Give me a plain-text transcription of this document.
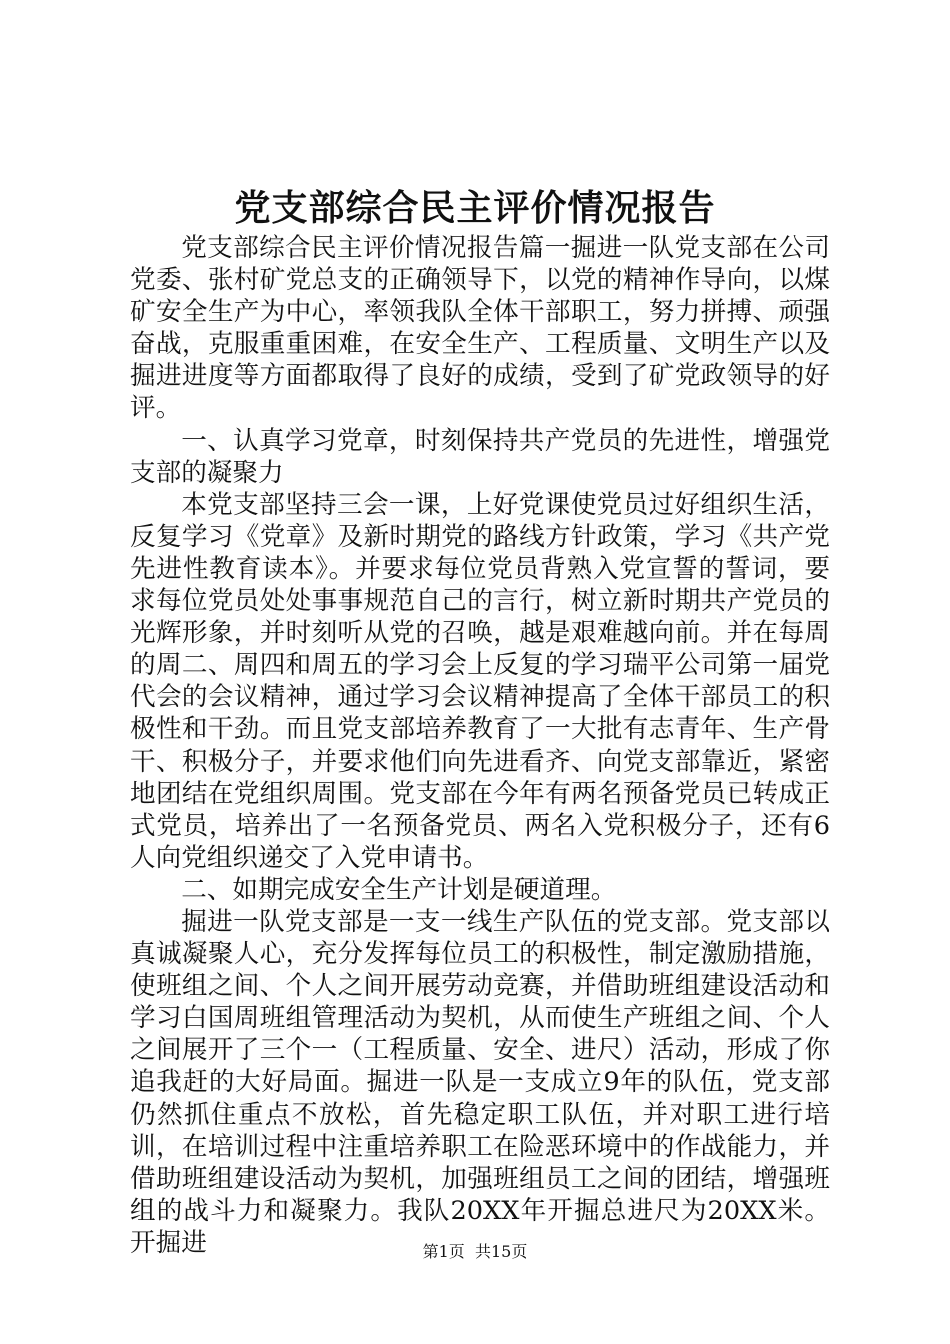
党支部综合民主评价情况报告

党支部综合民主评价情况报告篇一掘进一队党支部在公司党委、张村矿党总支的正确领导下，以党的精神作导向，以煤矿安全生产为中心，率领我队全体干部职工，努力拼搏、顽强奋战，克服重重困难，在安全生产、工程质量、文明生产以及掘进进度等方面都取得了良好的成绩，受到了矿党政领导的好评。

一、认真学习党章，时刻保持共产党员的先进性，增强党支部的凝聚力

本党支部坚持三会一课，上好党课使党员过好组织生活，反复学习《党章》及新时期党的路线方针政策，学习《共产党先进性教育读本》。并要求每位党员背熟入党宣誓的誓词，要求每位党员处处事事规范自己的言行，树立新时期共产党员的光辉形象，并时刻听从党的召唤，越是艰难越向前。并在每周的周二、周四和周五的学习会上反复的学习瑞平公司第一届党代会的会议精神，通过学习会议精神提高了全体干部员工的积极性和干劲。而且党支部培养教育了一大批有志青年、生产骨干、积极分子，并要求他们向先进看齐、向党支部靠近，紧密地团结在党组织周围。党支部在今年有两名预备党员已转成正式党员，培养出了一名预备党员、两名入党积极分子，还有6人向党组织递交了入党申请书。

二、如期完成安全生产计划是硬道理。

掘进一队党支部是一支一线生产队伍的党支部。党支部以真诚凝聚人心，充分发挥每位员工的积极性，制定激励措施，使班组之间、个人之间开展劳动竞赛，并借助班组建设活动和学习白国周班组管理活动为契机，从而使生产班组之间、个人之间展开了三个一（工程质量、安全、进尺）活动，形成了你追我赶的大好局面。掘进一队是一支成立9年的队伍，党支部仍然抓住重点不放松，首先稳定职工队伍，并对职工进行培训，在培训过程中注重培养职工在险恶环境中的作战能力，并借助班组建设活动为契机，加强班组员工之间的团结，增强班组的战斗力和凝聚力。我队20XX年开掘总进尺为20XX米。开掘进	第1页 共15页
